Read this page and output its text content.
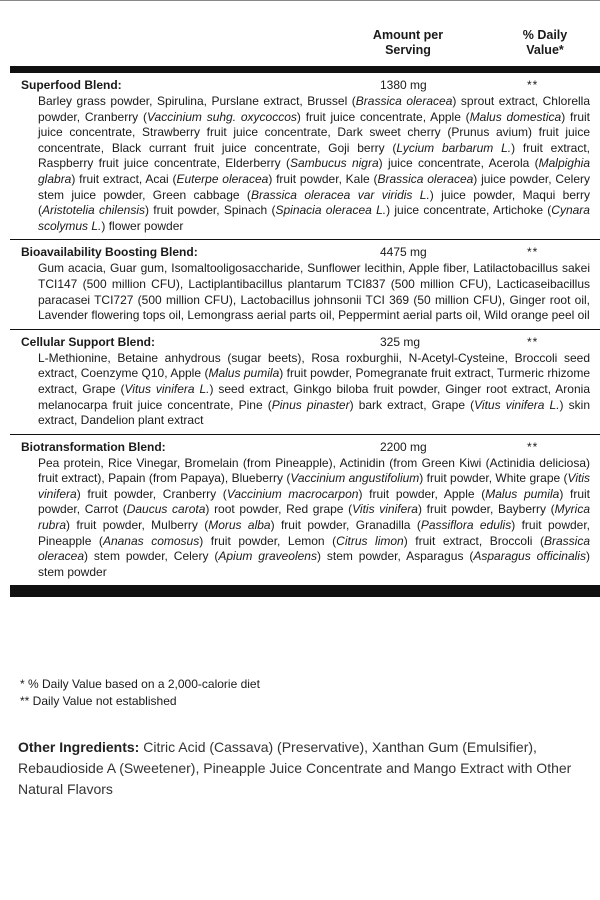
Amount per Serving
% Daily Value*
Superfood Blend:	1380 mg	**
Barley grass powder, Spirulina, Purslane extract, Brussel (Brassica oleracea) sprout extract, Chlorella powder, Cranberry (Vaccinium suhg. oxycoccos) fruit juice concentrate, Apple (Malus domestica) fruit juice concentrate, Strawberry fruit juice concentrate, Dark sweet cherry (Prunus avium) fruit juice concentrate, Black currant fruit juice concentrate, Goji berry (Lycium barbarum L.) fruit extract, Raspberry fruit juice concentrate, Elderberry (Sambucus nigra) juice concentrate, Acerola (Malpighia glabra) fruit extract, Acai (Euterpe oleracea) fruit powder, Kale (Brassica oleracea) juice powder, Celery stem juice powder, Green cabbage (Brassica oleracea var viridis L.) juice powder, Maqui berry (Aristotelia chilensis) fruit powder, Spinach (Spinacia oleracea L.) juice concentrate, Artichoke (Cynara scolymus L.) flower powder
Bioavailability Boosting Blend:	4475 mg	**
Gum acacia, Guar gum, Isomaltooligosaccharide, Sunflower lecithin, Apple fiber, Latilactobacillus sakei TCI147 (500 million CFU), Lactiplantibacillus plantarum TCI837 (500 million CFU), Lacticaseibacillus paracasei TCI727 (500 million CFU), Lactobacillus johnsonii TCI 369 (50 million CFU), Ginger root oil, Lavender flowering tops oil, Lemongrass aerial parts oil, Peppermint aerial parts oil, Wild orange peel oil
Cellular Support Blend:	325 mg	**
L-Methionine, Betaine anhydrous (sugar beets), Rosa roxburghii, N-Acetyl-Cysteine, Broccoli seed extract, Coenzyme Q10, Apple (Malus pumila) fruit powder, Pomegranate fruit extract, Turmeric rhizome extract, Grape (Vitus vinifera L.) seed extract, Ginkgo biloba fruit powder, Ginger root extract, Aronia melanocarpa fruit juice concentrate, Pine (Pinus pinaster) bark extract, Grape (Vitus vinifera L.) skin extract, Dandelion plant extract
Biotransformation Blend:	2200 mg	**
Pea protein, Rice Vinegar, Bromelain (from Pineapple), Actinidin (from Green Kiwi (Actinidia deliciosa) fruit extract), Papain (from Papaya), Blueberry (Vaccinium angustifolium) fruit powder, White grape (Vitis vinifera) fruit powder, Cranberry (Vaccinium macrocarpon) fruit powder, Apple (Malus pumila) fruit powder, Carrot (Daucus carota) root powder, Red grape (Vitis vinifera) fruit powder, Bayberry (Myrica rubra) fruit powder, Mulberry (Morus alba) fruit powder, Granadilla (Passiflora edulis) fruit powder, Pineapple (Ananas comosus) fruit powder, Lemon (Citrus limon) fruit extract, Broccoli (Brassica oleracea) stem powder, Celery (Apium graveolens) stem powder, Asparagus (Asparagus officinalis) stem powder
* % Daily Value based on a 2,000-calorie diet
** Daily Value not established
Other Ingredients: Citric Acid (Cassava) (Preservative), Xanthan Gum (Emulsifier), Rebaudioside A (Sweetener), Pineapple Juice Concentrate and Mango Extract with Other Natural Flavors
